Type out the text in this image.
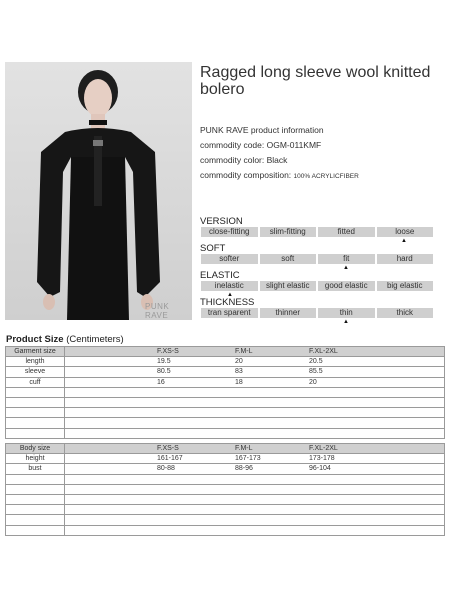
PUNK RAVE
Ragged long sleeve wool knitted bolero
PUNK RAVE product information
commodity code: OGM-011KMF
commodity color: Black
commodity composition: 100% ACRYLICFIBER
VERSION
close-fitting	slim-fitting	fitted	loose
▲
SOFT
softer	soft	fit	hard
▲
ELASTIC
inelastic	slight elastic	good elastic	big elastic
▲
THICKNESS
tran sparent	thinner	thin	thick
▲
Product Size (Centimeters)
Garment size	F.XS-S F.M-L F.XL-2XL

length	19.5 20 20.5

sleeve	80.5 83 85.5

cuff	16 18 20

Body size	F.XS-S F.M-L F.XL-2XL

height	161-167 167-173 173-178

bust	80-88 88-96 96-104
